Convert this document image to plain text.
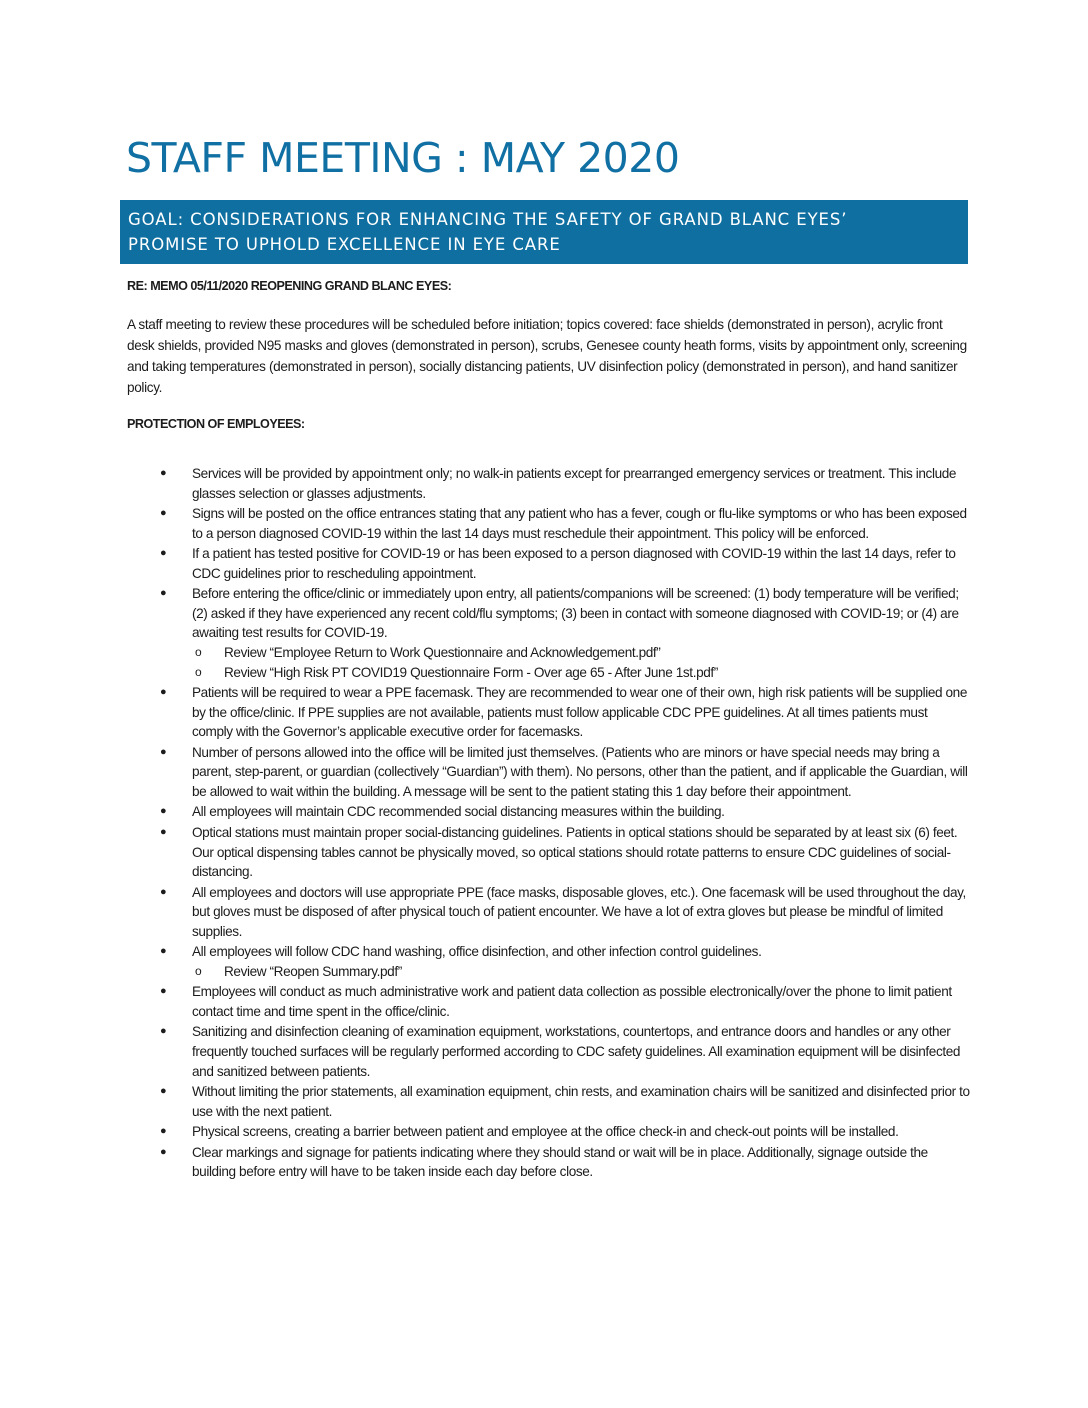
STAFF MEETING : MAY 2020

GOAL: CONSIDERATIONS FOR ENHANCING THE SAFETY OF GRAND BLANC EYES’

PROMISE TO UPHOLD EXCELLENCE IN EYE CARE

RE: MEMO 05/11/2020 REOPENING GRAND BLANC EYES:

A staff meeting to review these procedures will be scheduled before initiation; topics covered: face shields (demonstrated in person), acrylic front desk shields, provided N95 masks and gloves (demonstrated in person), scrubs, Genesee county heath forms, visits by appointment only, screening and taking temperatures (demonstrated in person), socially distancing patients, UV disinfection policy (demonstrated in person), and hand sanitizer policy.

PROTECTION OF EMPLOYEES:

● Services will be provided by appointment only; no walk-in patients except for prearranged emergency services or treatment. This include glasses selection or glasses adjustments.
● Signs will be posted on the office entrances stating that any patient who has a fever, cough or flu-like symptoms or who has been exposed to a person diagnosed COVID-19 within the last 14 days must reschedule their appointment. This policy will be enforced.
● If a patient has tested positive for COVID-19 or has been exposed to a person diagnosed with COVID-19 within the last 14 days, refer to CDC guidelines prior to rescheduling appointment.
● Before entering the office/clinic or immediately upon entry, all patients/companions will be screened: (1) body temperature will be verified; (2) asked if they have experienced any recent cold/flu symptoms; (3) been in contact with someone diagnosed with COVID-19; or (4) are awaiting test results for COVID-19.
o Review “Employee Return to Work Questionnaire and Acknowledgement.pdf”
o Review “High Risk PT COVID19 Questionnaire Form - Over age 65 - After June 1st.pdf”
● Patients will be required to wear a PPE facemask. They are recommended to wear one of their own, high risk patients will be supplied one by the office/clinic. If PPE supplies are not available, patients must follow applicable CDC PPE guidelines. At all times patients must comply with the Governor’s applicable executive order for facemasks.
● Number of persons allowed into the office will be limited just themselves. (Patients who are minors or have special needs may bring a parent, step-parent, or guardian (collectively “Guardian”) with them). No persons, other than the patient, and if applicable the Guardian, will be allowed to wait within the building. A message will be sent to the patient stating this 1 day before their appointment.
● All employees will maintain CDC recommended social distancing measures within the building.
● Optical stations must maintain proper social-distancing guidelines. Patients in optical stations should be separated by at least six (6) feet. Our optical dispensing tables cannot be physically moved, so optical stations should rotate patterns to ensure CDC guidelines of social-distancing.
● All employees and doctors will use appropriate PPE (face masks, disposable gloves, etc.). One facemask will be used throughout the day, but gloves must be disposed of after physical touch of patient encounter. We have a lot of extra gloves but please be mindful of limited supplies.
● All employees will follow CDC hand washing, office disinfection, and other infection control guidelines.
o Review “Reopen Summary.pdf”
● Employees will conduct as much administrative work and patient data collection as possible electronically/over the phone to limit patient contact time and time spent in the office/clinic.
● Sanitizing and disinfection cleaning of examination equipment, workstations, countertops, and entrance doors and handles or any other frequently touched surfaces will be regularly performed according to CDC safety guidelines. All examination equipment will be disinfected and sanitized between patients.
● Without limiting the prior statements, all examination equipment, chin rests, and examination chairs will be sanitized and disinfected prior to use with the next patient.
● Physical screens, creating a barrier between patient and employee at the office check-in and check-out points will be installed.
● Clear markings and signage for patients indicating where they should stand or wait will be in place. Additionally, signage outside the building before entry will have to be taken inside each day before close.
